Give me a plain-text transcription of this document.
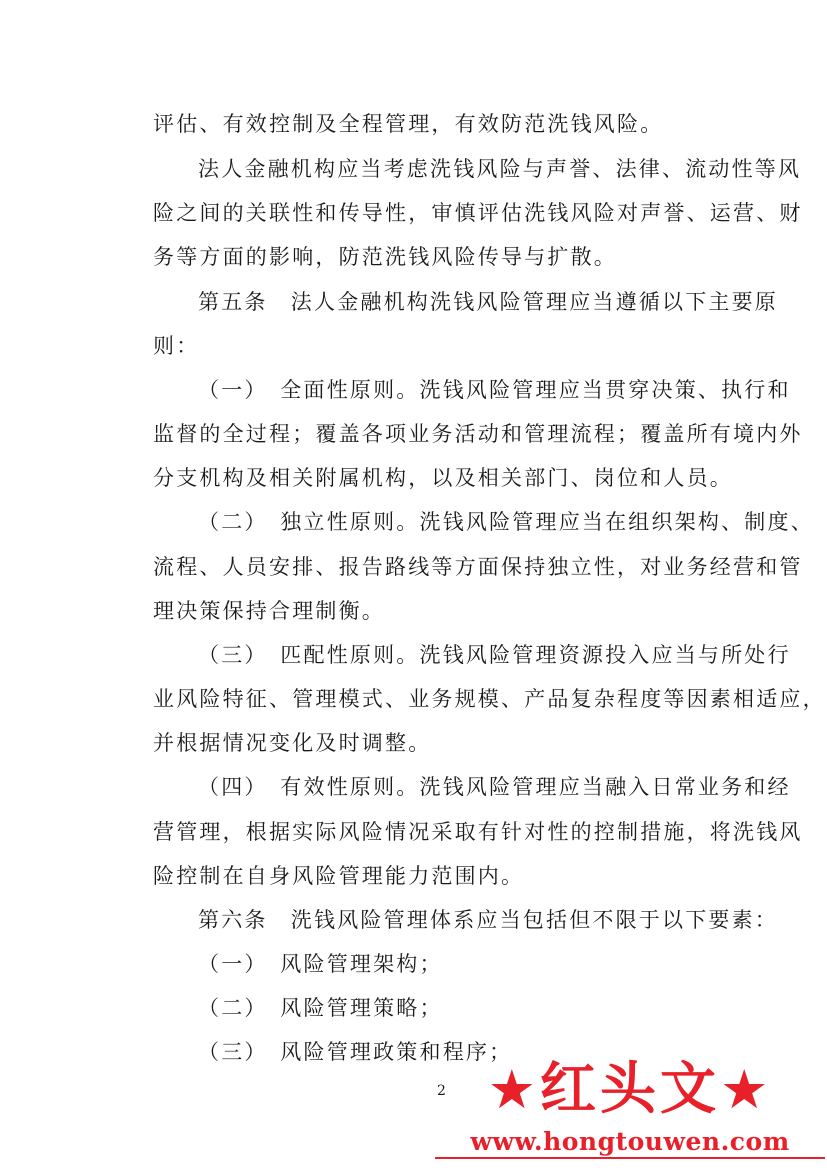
评估、有效控制及全程管理，有效防范洗钱风险。
法人金融机构应当考虑洗钱风险与声誉、法律、流动性等风
险之间的关联性和传导性，审慎评估洗钱风险对声誉、运营、财
务等方面的影响，防范洗钱风险传导与扩散。
第五条　法人金融机构洗钱风险管理应当遵循以下主要原
则：
（一）　全面性原则。洗钱风险管理应当贯穿决策、执行和
监督的全过程；覆盖各项业务活动和管理流程；覆盖所有境内外
分支机构及相关附属机构，以及相关部门、岗位和人员。
（二）　独立性原则。洗钱风险管理应当在组织架构、制度、
流程、人员安排、报告路线等方面保持独立性，对业务经营和管
理决策保持合理制衡。
（三）　匹配性原则。洗钱风险管理资源投入应当与所处行
业风险特征、管理模式、业务规模、产品复杂程度等因素相适应，
并根据情况变化及时调整。
（四）　有效性原则。洗钱风险管理应当融入日常业务和经
营管理，根据实际风险情况采取有针对性的控制措施，将洗钱风
险控制在自身风险管理能力范围内。
第六条　洗钱风险管理体系应当包括但不限于以下要素：
（一）　风险管理架构；
（二）　风险管理策略；
（三）　风险管理政策和程序；
2 ★红头文★
www.hongtouwen.com
